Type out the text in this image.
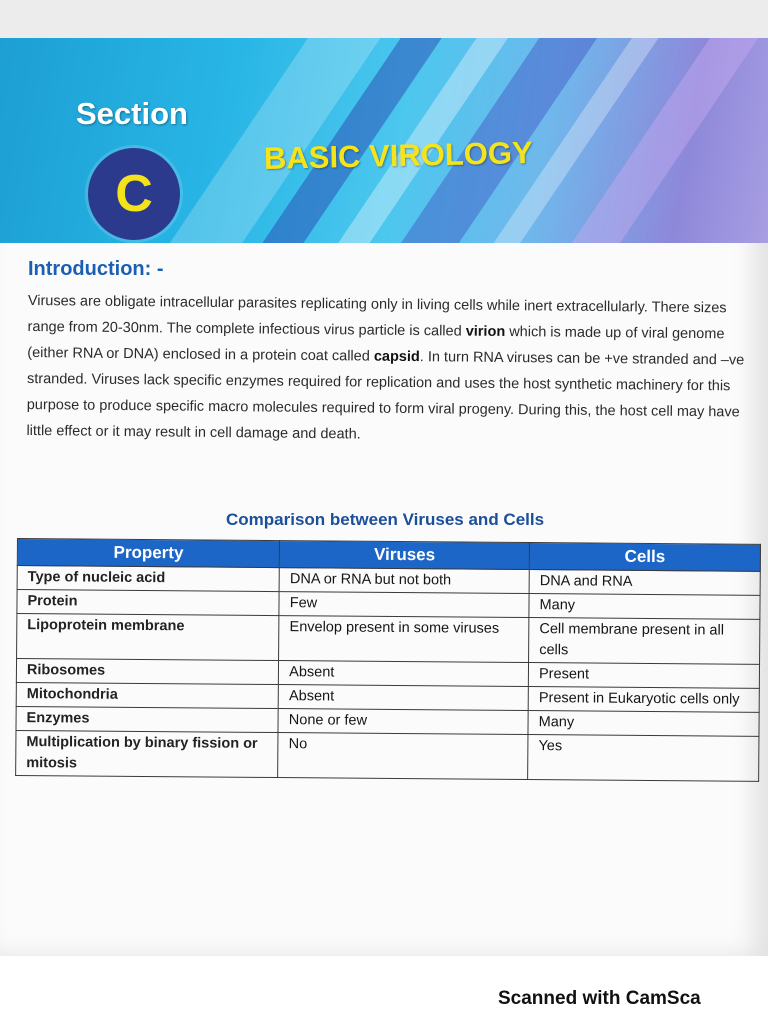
Section
C
BASIC VIROLOGY
Introduction: -
Viruses are obligate intracellular parasites replicating only in living cells while inert extracellularly. There sizes range from 20-30nm. The complete infectious virus particle is called virion which is made up of viral genome (either RNA or DNA) enclosed in a protein coat called capsid. In turn RNA viruses can be +ve stranded and –ve stranded. Viruses lack specific enzymes required for replication and uses the host synthetic machinery for this purpose to produce specific macro molecules required to form viral progeny. During this, the host cell may have little effect or it may result in cell damage and death.
Comparison between Viruses and Cells
Property	Viruses	Cells
Type of nucleic acid	DNA or RNA but not both	DNA and RNA
Protein	Few	Many
Lipoprotein membrane	Envelop present in some viruses	Cell membrane present in all cells
Ribosomes	Absent	Present
Mitochondria	Absent	Present in Eukaryotic cells only
Enzymes	None or few	Many
Multiplication by binary fission or mitosis	No	Yes
Scanned with CamSca
